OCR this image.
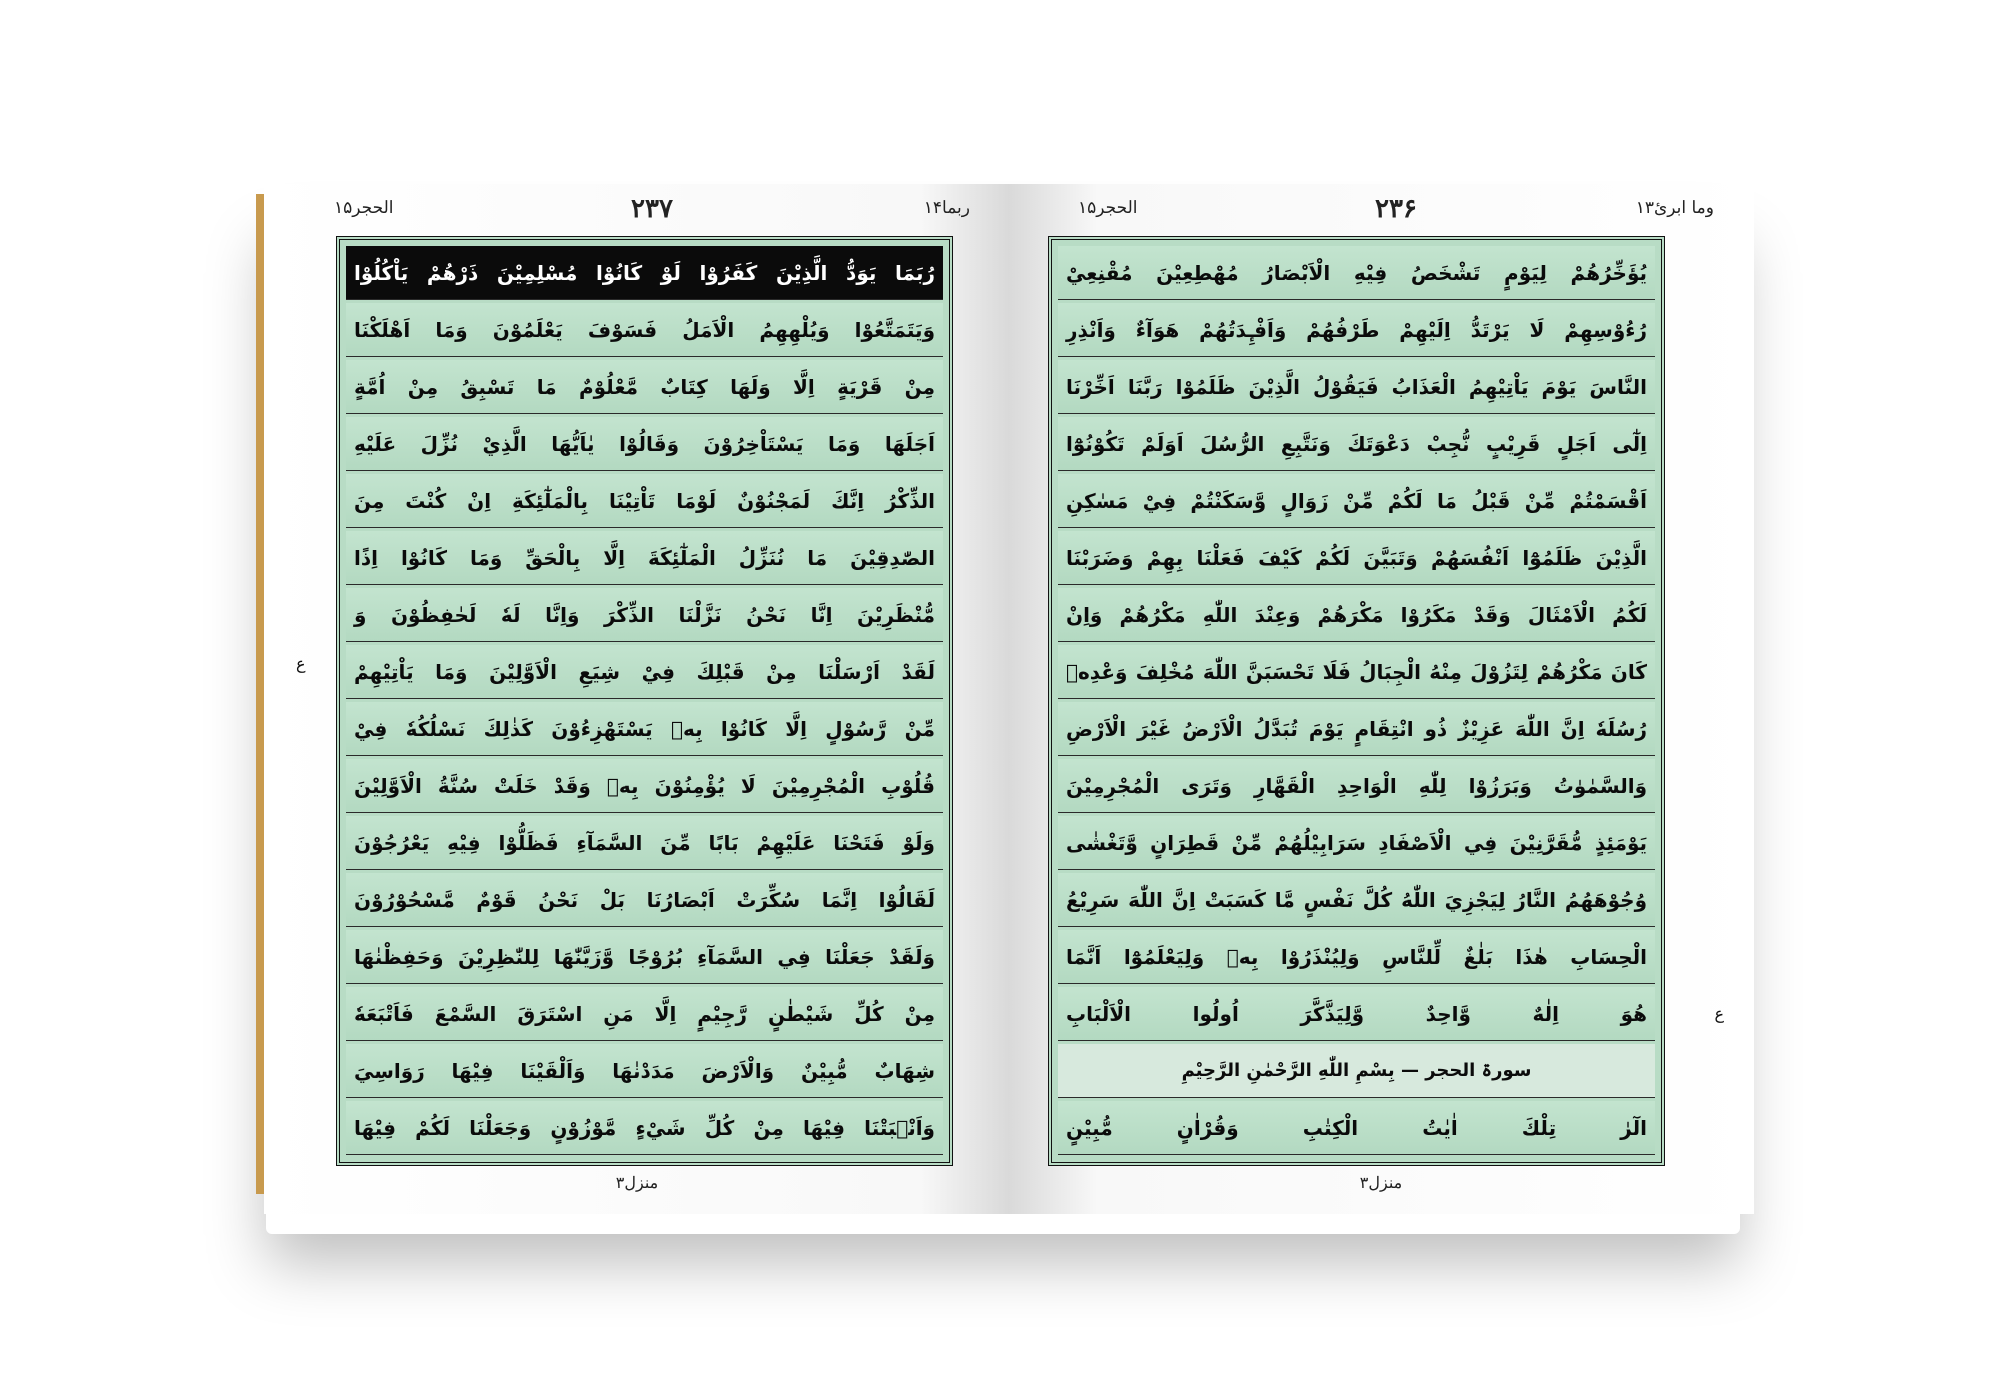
الحجر۱۵	۲۳۷	ربما۱۴
ع
رُبَمَا يَوَدُّ الَّذِيْنَ كَفَرُوْا لَوْ كَانُوْا مُسْلِمِيْنَ ذَرْهُمْ يَاْكُلُوْا
وَيَتَمَتَّعُوْا وَيُلْهِهِمُ الْاَمَلُ فَسَوْفَ يَعْلَمُوْنَ وَمَا اَهْلَكْنَا
مِنْ قَرْيَةٍ اِلَّا وَلَهَا كِتَابٌ مَّعْلُوْمٌ مَا تَسْبِقُ مِنْ اُمَّةٍ
اَجَلَهَا وَمَا يَسْتَاْخِرُوْنَ وَقَالُوْا يٰاَيُّهَا الَّذِيْ نُزِّلَ عَلَيْهِ
الذِّكْرُ اِنَّكَ لَمَجْنُوْنٌ لَوْمَا تَاْتِيْنَا بِالْمَلٰٓئِكَةِ اِنْ كُنْتَ مِنَ
الصّٰدِقِيْنَ مَا نُنَزِّلُ الْمَلٰٓئِكَةَ اِلَّا بِالْحَقِّ وَمَا كَانُوْا اِذًا
مُّنْظَرِيْنَ اِنَّا نَحْنُ نَزَّلْنَا الذِّكْرَ وَاِنَّا لَهٗ لَحٰفِظُوْنَ وَ
لَقَدْ اَرْسَلْنَا مِنْ قَبْلِكَ فِيْ شِيَعِ الْاَوَّلِيْنَ وَمَا يَاْتِيْهِمْ
مِّنْ رَّسُوْلٍ اِلَّا كَانُوْا بِهٖ يَسْتَهْزِءُوْنَ كَذٰلِكَ نَسْلُكُهٗ فِيْ
قُلُوْبِ الْمُجْرِمِيْنَ لَا يُؤْمِنُوْنَ بِهٖ وَقَدْ خَلَتْ سُنَّةُ الْاَوَّلِيْنَ
وَلَوْ فَتَحْنَا عَلَيْهِمْ بَابًا مِّنَ السَّمَآءِ فَظَلُّوْا فِيْهِ يَعْرُجُوْنَ
لَقَالُوْا اِنَّمَا سُكِّرَتْ اَبْصَارُنَا بَلْ نَحْنُ قَوْمٌ مَّسْحُوْرُوْنَ
وَلَقَدْ جَعَلْنَا فِي السَّمَآءِ بُرُوْجًا وَّزَيَّنّٰهَا لِلنّٰظِرِيْنَ وَحَفِظْنٰهَا
مِنْ كُلِّ شَيْطٰنٍ رَّجِيْمٍ اِلَّا مَنِ اسْتَرَقَ السَّمْعَ فَاَتْبَعَهٗ
شِهَابٌ مُّبِيْنٌ وَالْاَرْضَ مَدَدْنٰهَا وَاَلْقَيْنَا فِيْهَا رَوَاسِيَ
وَاَنْۢبَتْنَا فِيْهَا مِنْ كُلِّ شَيْءٍ مَّوْزُوْنٍ وَجَعَلْنَا لَكُمْ فِيْهَا
منزل۳
الحجر۱۵	۲۳۶	وما ابرئ۱۳
ع
يُؤَخِّرُهُمْ لِيَوْمٍ تَشْخَصُ فِيْهِ الْاَبْصَارُ مُهْطِعِيْنَ مُقْنِعِيْ
رُءُوْسِهِمْ لَا يَرْتَدُّ اِلَيْهِمْ طَرْفُهُمْ وَاَفْـِٕدَتُهُمْ هَوَآءٌ وَاَنْذِرِ
النَّاسَ يَوْمَ يَاْتِيْهِمُ الْعَذَابُ فَيَقُوْلُ الَّذِيْنَ ظَلَمُوْا رَبَّنَا اَخِّرْنَا
اِلٰٓى اَجَلٍ قَرِيْبٍ نُّجِبْ دَعْوَتَكَ وَنَتَّبِعِ الرُّسُلَ اَوَلَمْ تَكُوْنُوْٓا
اَقْسَمْتُمْ مِّنْ قَبْلُ مَا لَكُمْ مِّنْ زَوَالٍ وَّسَكَنْتُمْ فِيْ مَسٰكِنِ
الَّذِيْنَ ظَلَمُوْٓا اَنْفُسَهُمْ وَتَبَيَّنَ لَكُمْ كَيْفَ فَعَلْنَا بِهِمْ وَضَرَبْنَا
لَكُمُ الْاَمْثَالَ وَقَدْ مَكَرُوْا مَكْرَهُمْ وَعِنْدَ اللّٰهِ مَكْرُهُمْ وَاِنْ
كَانَ مَكْرُهُمْ لِتَزُوْلَ مِنْهُ الْجِبَالُ فَلَا تَحْسَبَنَّ اللّٰهَ مُخْلِفَ وَعْدِهٖ
رُسُلَهٗ اِنَّ اللّٰهَ عَزِيْزٌ ذُو انْتِقَامٍ يَوْمَ تُبَدَّلُ الْاَرْضُ غَيْرَ الْاَرْضِ
وَالسَّمٰوٰتُ وَبَرَزُوْا لِلّٰهِ الْوَاحِدِ الْقَهَّارِ وَتَرَى الْمُجْرِمِيْنَ
يَوْمَئِذٍ مُّقَرَّنِيْنَ فِي الْاَصْفَادِ سَرَابِيْلُهُمْ مِّنْ قَطِرَانٍ وَّتَغْشٰى
وُجُوْهَهُمُ النَّارُ لِيَجْزِيَ اللّٰهُ كُلَّ نَفْسٍ مَّا كَسَبَتْ اِنَّ اللّٰهَ سَرِيْعُ
الْحِسَابِ هٰذَا بَلٰغٌ لِّلنَّاسِ وَلِيُنْذَرُوْا بِهٖ وَلِيَعْلَمُوْٓا اَنَّمَا
هُوَ اِلٰهٌ وَّاحِدٌ وَّلِيَذَّكَّرَ اُولُوا الْاَلْبَابِ
سورۃ الحجر — بِسْمِ اللّٰهِ الرَّحْمٰنِ الرَّحِيْمِ
الٓرٰ تِلْكَ اٰيٰتُ الْكِتٰبِ وَقُرْاٰنٍ مُّبِيْنٍ
منزل۳
